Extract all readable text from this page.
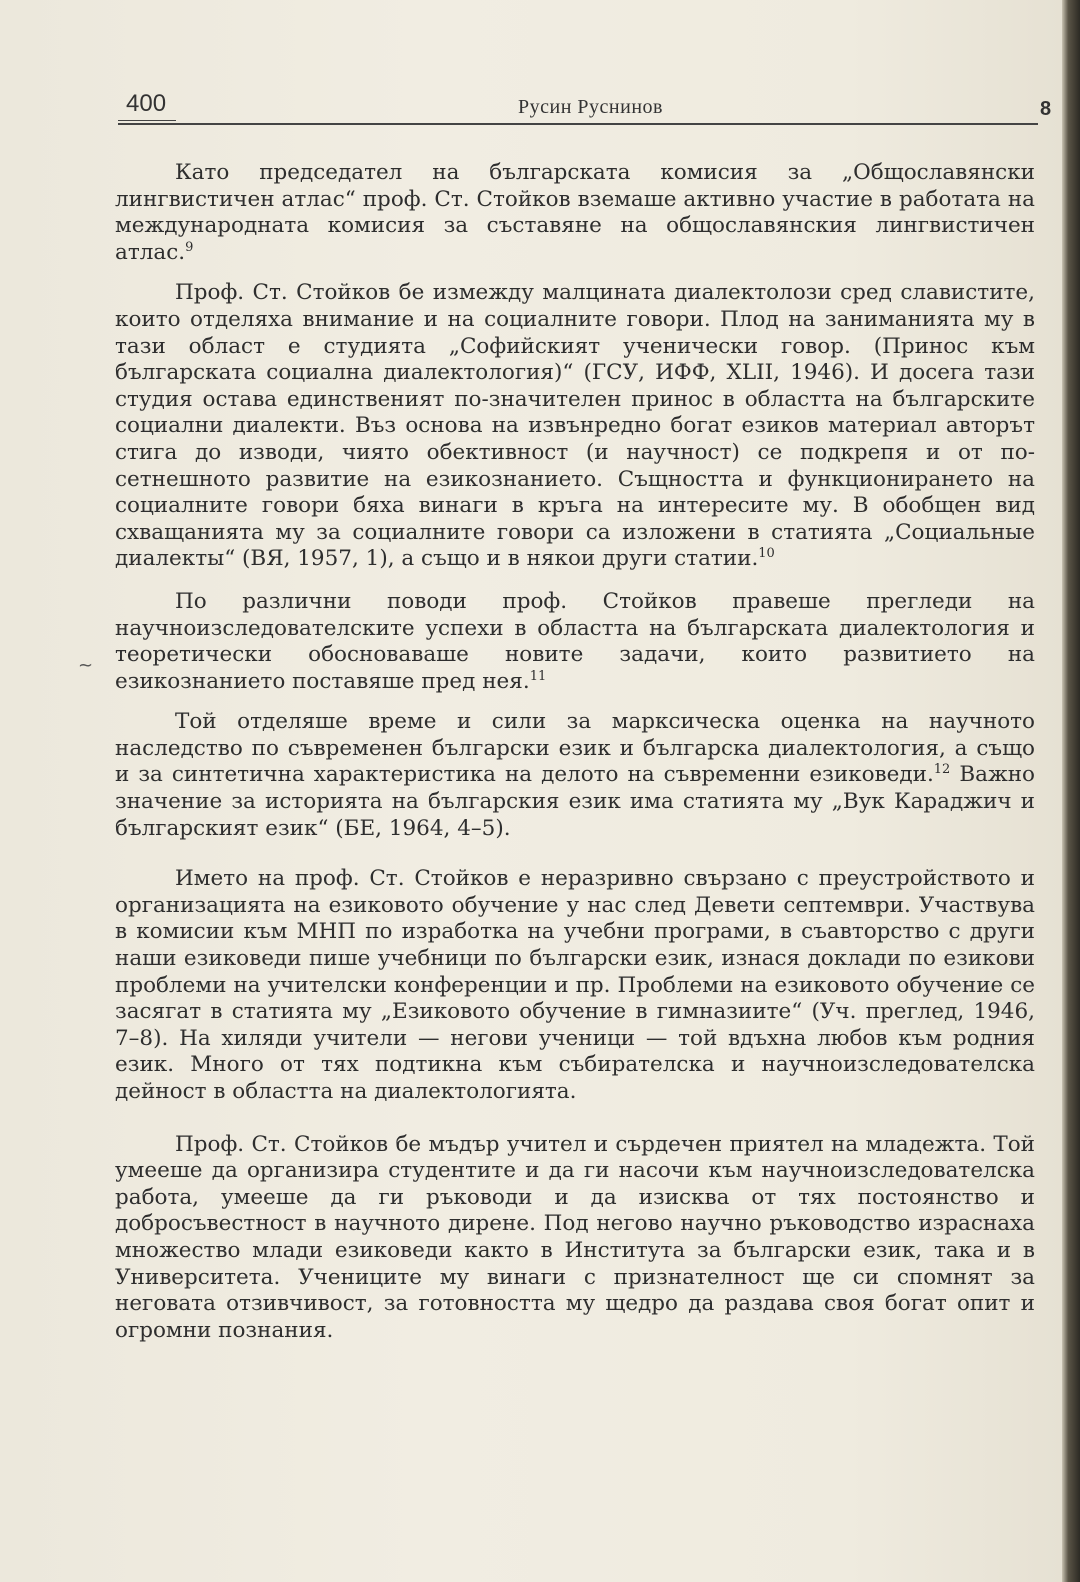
400	Русин Руснинов	8
~

Като председател на българската комисия за „Общославянски лингвистичен атлас“ проф. Ст. Стойков вземаше активно участие в работата на международната комисия за съставяне на общославянския лингвистичен атлас.$^9$

Проф. Ст. Стойков бе измежду малцината диалектолози сред славистите, които отделяха внимание и на социалните говори. Плод на заниманията му в тази област е студията „Софийският ученически говор. (Принос към българската социална диалектология)“ (ГСУ, ИФФ, XLII, 1946). И досега тази студия остава единственият по-значителен принос в областта на българските социални диалекти. Въз основа на извънредно богат езиков материал авторът стига до изводи, чиято обективност (и научност) се подкрепя и от по-сетнешното развитие на езикознанието. Същността и функционирането на социалните говори бяха винаги в кръга на интересите му. В обобщен вид схващанията му за социалните говори са изложени в статията „Социальные диалекты“ (ВЯ, 1957, 1), а също и в някои други статии.$^{10}$

По различни поводи проф. Стойков правеше прегледи на научноизследователските успехи в областта на българската диалектология и теоретически обосноваваше новите задачи, които развитието на езикознанието поставяше пред нея.$^{11}$

Той отделяше време и сили за марксическа оценка на научното наследство по съвременен български език и българска диалектология, а също и за синтетична характеристика на делото на съвременни езиковеди.$^{12}$ Важно значение за историята на българския език има статията му „Вук Караджич и българският език“ (БЕ, 1964, 4–5).

Името на проф. Ст. Стойков е неразривно свързано с преустройството и организацията на езиковото обучение у нас след Девети септември. Участвува в комисии към МНП по изработка на учебни програми, в съавторство с други наши езиковеди пише учебници по български език, изнася доклади по езикови проблеми на учителски конференции и пр. Проблеми на езиковото обучение се засягат в статията му „Езиковото обучение в гимназиите“ (Уч. преглед, 1946, 7–8). На хиляди учители — негови ученици — той вдъхна любов към родния език. Много от тях подтикна към събирателска и научноизследователска дейност в областта на диалектологията.

Проф. Ст. Стойков бе мъдър учител и сърдечен приятел на младежта. Той умееше да организира студентите и да ги насочи към научноизследователска работа, умееше да ги ръководи и да изисква от тях постоянство и добросъвестност в научното дирене. Под негово научно ръководство израснаха множество млади езиковеди както в Института за български език, така и в Университета. Учениците му винаги с признателност ще си спомнят за неговата отзивчивост, за готовността му щедро да раздава своя богат опит и огромни познания.
